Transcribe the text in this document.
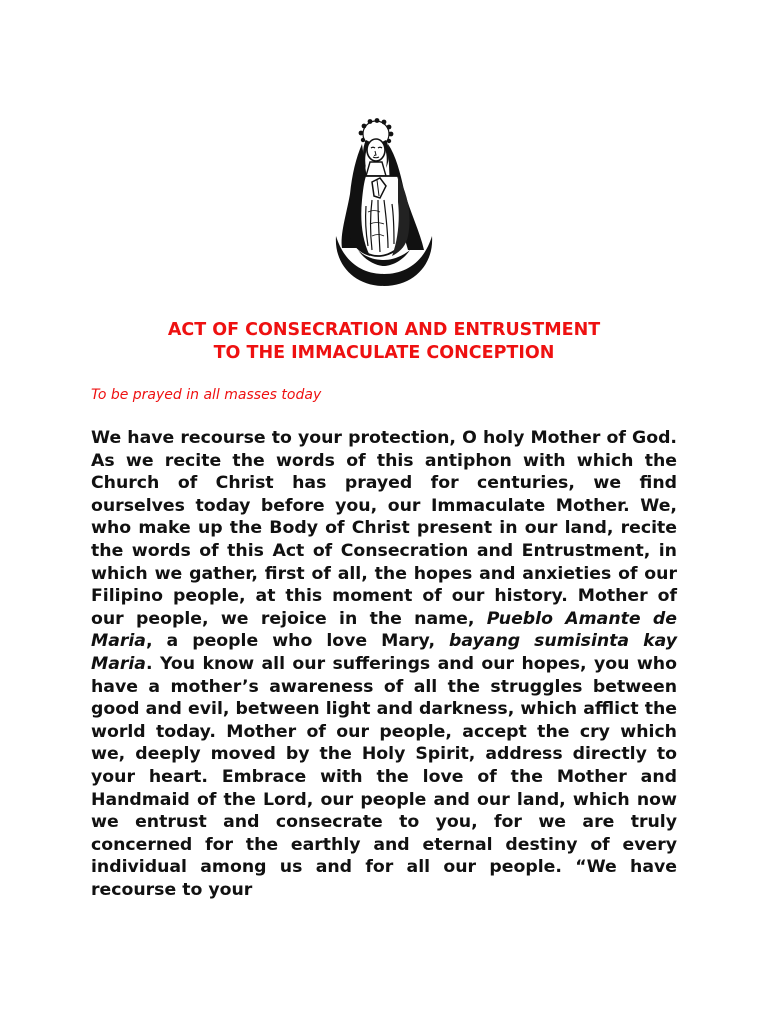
ACT OF CONSECRATION AND ENTRUSTMENT
TO THE IMMACULATE CONCEPTION
To be prayed in all masses today

We have recourse to your protection, O holy Mother of God. As we recite the words of this antiphon with which the Church of Christ has prayed for centuries, we find ourselves today before you, our Immaculate Mother. We, who make up the Body of Christ present in our land, recite the words of this Act of Consecration and Entrustment, in which we gather, first of all, the hopes and anxieties of our Filipino people, at this moment of our history. Mother of our people, we rejoice in the name, Pueblo Amante de Maria, a people who love Mary, bayang sumisinta kay Maria. You know all our sufferings and our hopes, you who have a mother’s awareness of all the struggles between good and evil, between light and darkness, which afflict the world today. Mother of our people, accept the cry which we, deeply moved by the Holy Spirit, address directly to your heart. Embrace with the love of the Mother and Handmaid of the Lord, our people and our land, which now we entrust and consecrate to you, for we are truly concerned for the earthly and eternal destiny of every individual among us and for all our people. “We have recourse to your
